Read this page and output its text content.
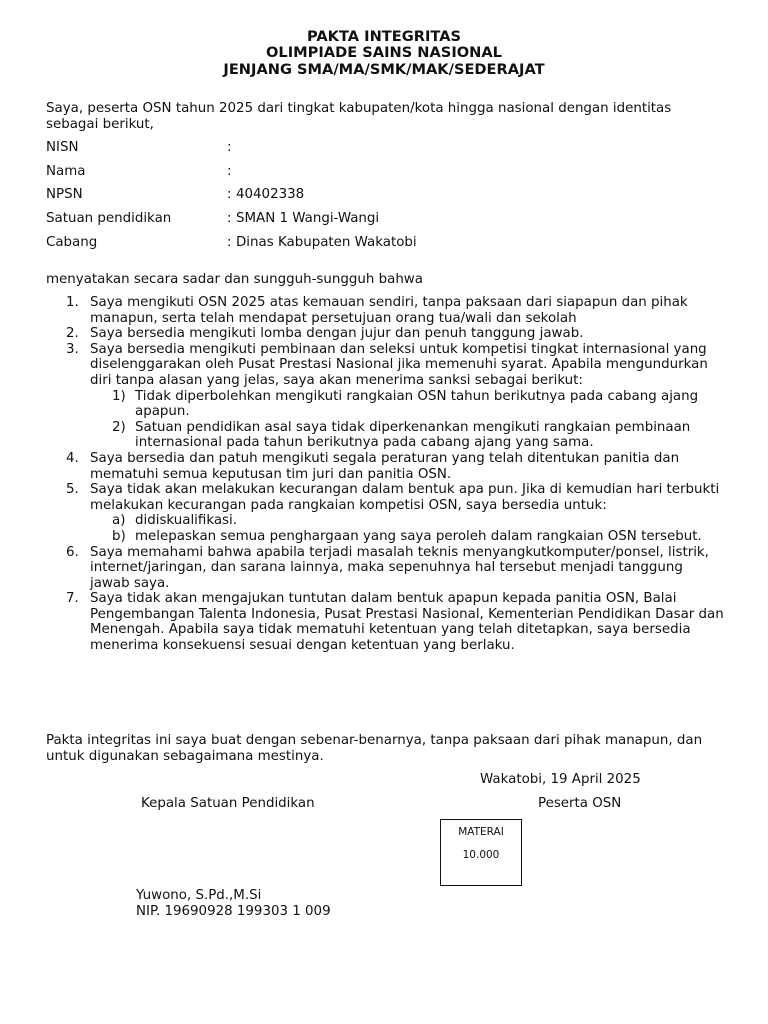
PAKTA INTEGRITAS
OLIMPIADE SAINS NASIONAL
JENJANG SMA/MA/SMK/MAK/SEDERAJAT
Saya, peserta OSN tahun 2025 dari tingkat kabupaten/kota hingga nasional dengan identitas sebagai berikut,
NISN	:
Nama	:
NPSN	: 40402338
Satuan pendidikan	: SMAN 1 Wangi-Wangi
Cabang	: Dinas Kabupaten Wakatobi
menyatakan secara sadar dan sungguh-sungguh bahwa
1. Saya mengikuti OSN 2025 atas kemauan sendiri, tanpa paksaan dari siapapun dan pihak manapun, serta telah mendapat persetujuan orang tua/wali dan sekolah
2. Saya bersedia mengikuti lomba dengan jujur dan penuh tanggung jawab.
3. Saya bersedia mengikuti pembinaan dan seleksi untuk kompetisi tingkat internasional yang diselenggarakan oleh Pusat Prestasi Nasional jika memenuhi syarat. Apabila mengundurkan diri tanpa alasan yang jelas, saya akan menerima sanksi sebagai berikut:
1) Tidak diperbolehkan mengikuti rangkaian OSN tahun berikutnya pada cabang ajang apapun.
2) Satuan pendidikan asal saya tidak diperkenankan mengikuti rangkaian pembinaan internasional pada tahun berikutnya pada cabang ajang yang sama.
4. Saya bersedia dan patuh mengikuti segala peraturan yang telah ditentukan panitia dan mematuhi semua keputusan tim juri dan panitia OSN.
5. Saya tidak akan melakukan kecurangan dalam bentuk apa pun. Jika di kemudian hari terbukti melakukan kecurangan pada rangkaian kompetisi OSN, saya bersedia untuk:
a) didiskualifikasi.
b) melepaskan semua penghargaan yang saya peroleh dalam rangkaian OSN tersebut.
6. Saya memahami bahwa apabila terjadi masalah teknis menyangkutkomputer/ponsel, listrik, internet/jaringan, dan sarana lainnya, maka sepenuhnya hal tersebut menjadi tanggung jawab saya.
7. Saya tidak akan mengajukan tuntutan dalam bentuk apapun kepada panitia OSN, Balai Pengembangan Talenta Indonesia, Pusat Prestasi Nasional, Kementerian Pendidikan Dasar dan Menengah. Apabila saya tidak mematuhi ketentuan yang telah ditetapkan, saya bersedia menerima konsekuensi sesuai dengan ketentuan yang berlaku.
Pakta integritas ini saya buat dengan sebenar-benarnya, tanpa paksaan dari pihak manapun, dan untuk digunakan sebagaimana mestinya.
Wakatobi, 19 April 2025
Kepala Satuan Pendidikan	Peserta OSN
MATERAI
10.000
Yuwono, S.Pd.,M.Si
NIP. 19690928 199303 1 009
